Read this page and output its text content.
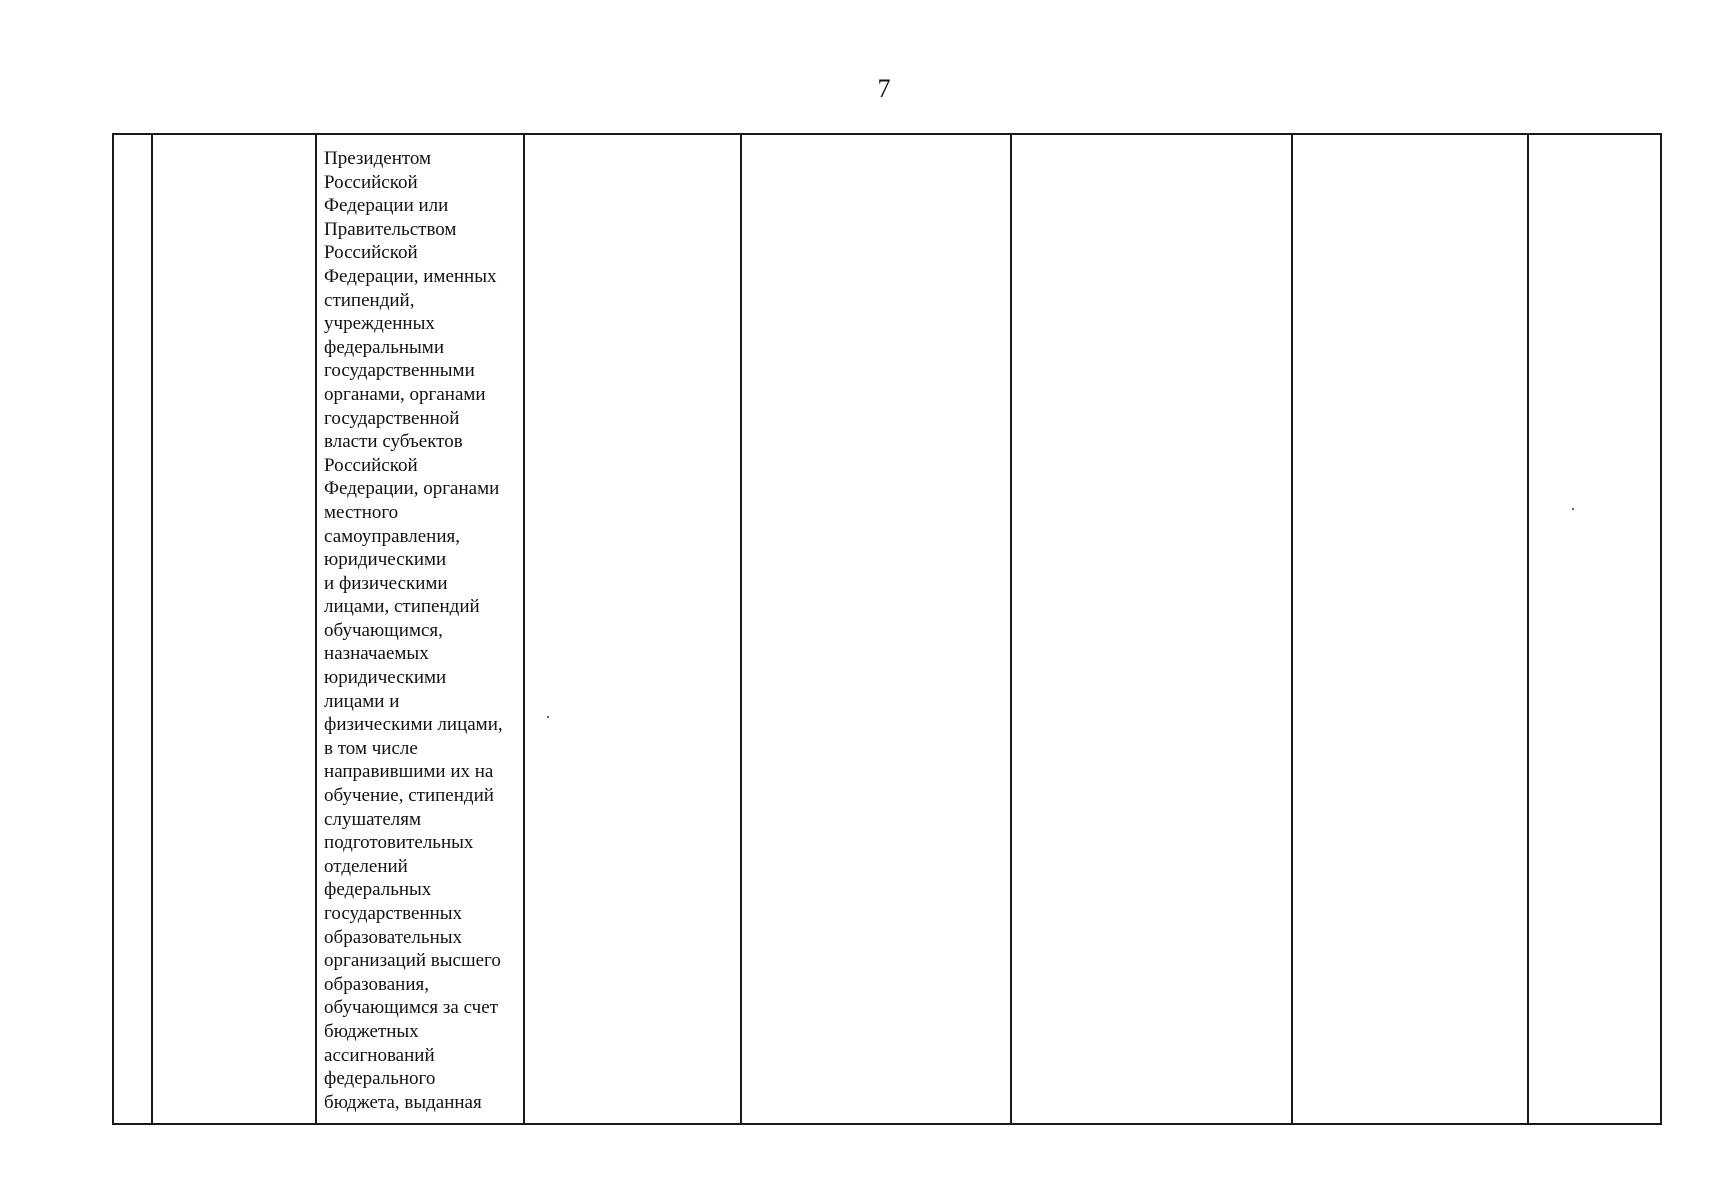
7

Президентом
Российской
Федерации или
Правительством
Российской
Федерации, именных
стипендий,
учрежденных
федеральными
государственными
органами, органами
государственной
власти субъектов
Российской
Федерации, органами
местного
самоуправления,
юридическими
и физическими
лицами, стипендий
обучающимся,
назначаемых
юридическими
лицами и
физическими лицами,
в том числе
направившими их на
обучение, стипендий
слушателям
подготовительных
отделений
федеральных
государственных
образовательных
организаций высшего
образования,
обучающимся за счет
бюджетных
ассигнований
федерального
бюджета, выданная
